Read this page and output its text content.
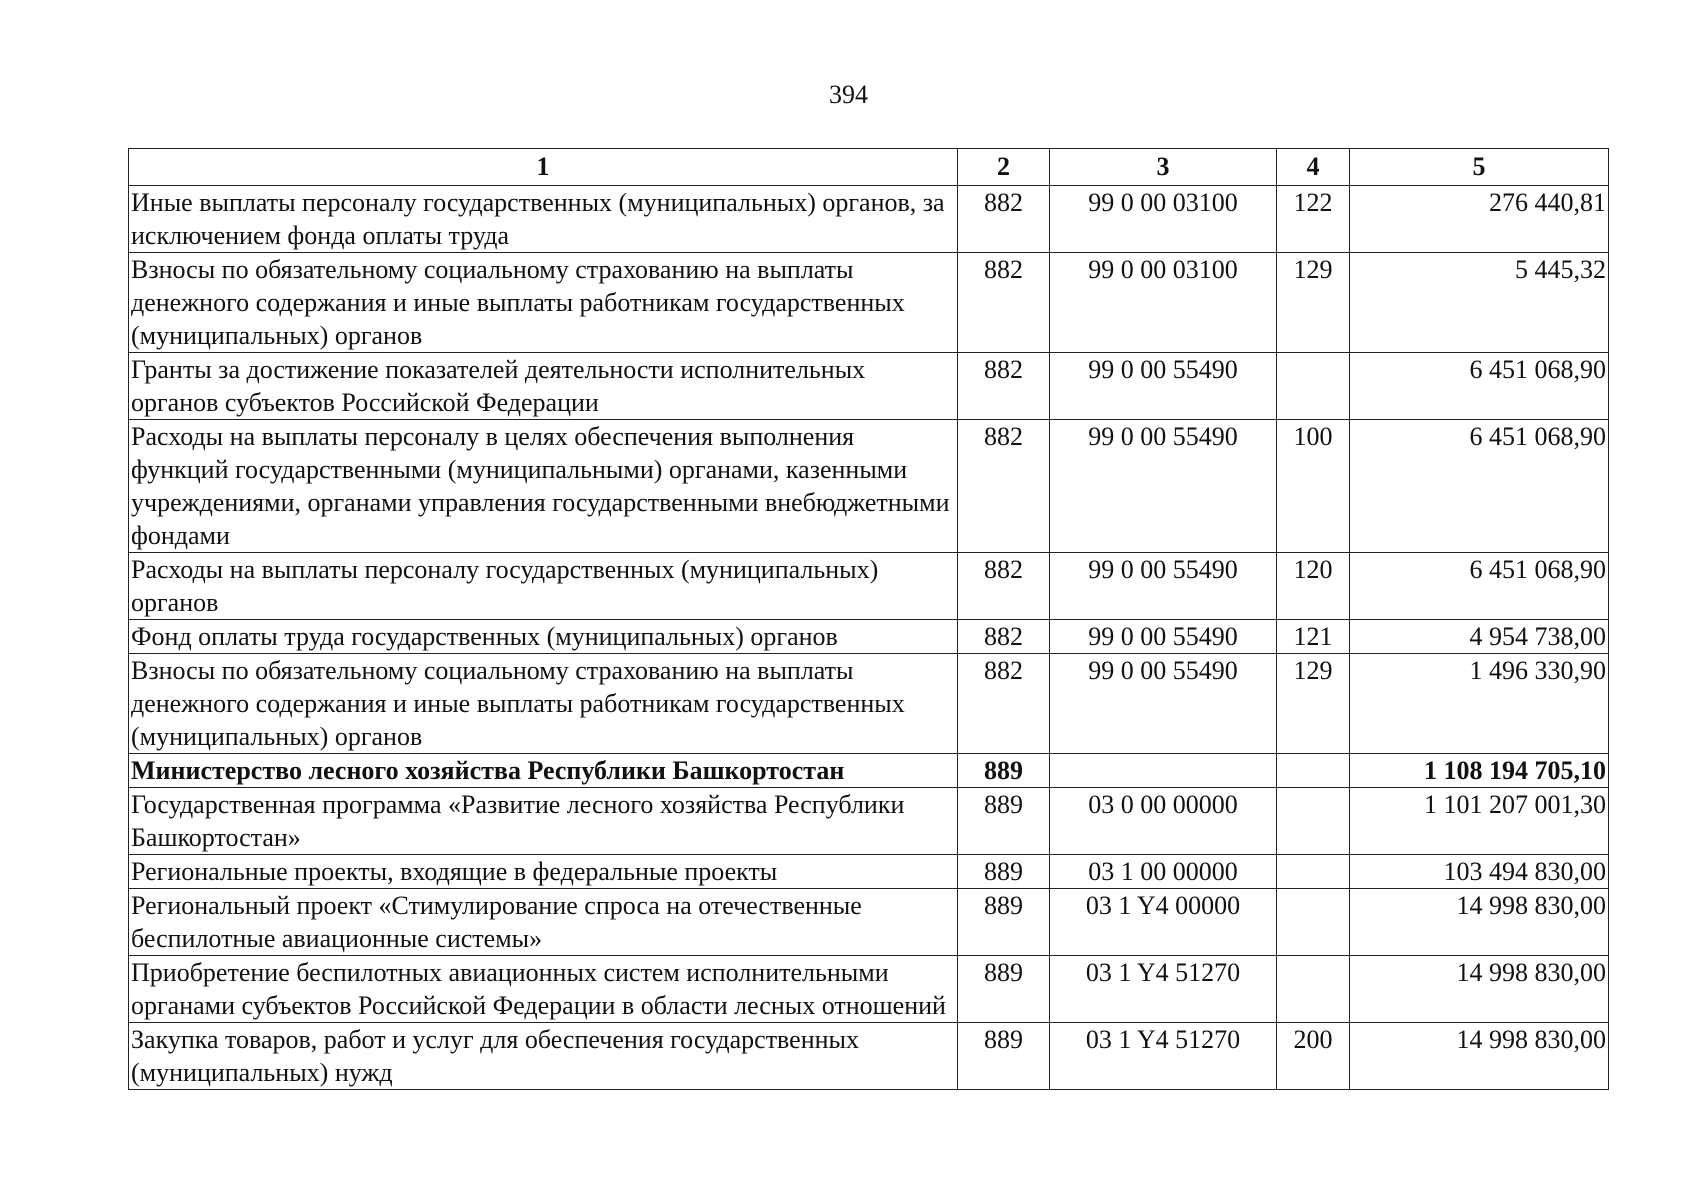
394
1	2	3	4	5
Иные выплаты персоналу государственных (муниципальных) органов, за исключением фонда оплаты труда	882	99 0 00 03100	122	276 440,81
Взносы по обязательному социальному страхованию на выплаты денежного содержания и иные выплаты работникам государственных (муниципальных) органов	882	99 0 00 03100	129	5 445,32
Гранты за достижение показателей деятельности исполнительных органов субъектов Российской Федерации	882	99 0 00 55490		6 451 068,90
Расходы на выплаты персоналу в целях обеспечения выполнения функций государственными (муниципальными) органами, казенными учреждениями, органами управления государственными внебюджетными фондами	882	99 0 00 55490	100	6 451 068,90
Расходы на выплаты персоналу государственных (муниципальных) органов	882	99 0 00 55490	120	6 451 068,90
Фонд оплаты труда государственных (муниципальных) органов	882	99 0 00 55490	121	4 954 738,00
Взносы по обязательному социальному страхованию на выплаты денежного содержания и иные выплаты работникам государственных (муниципальных) органов	882	99 0 00 55490	129	1 496 330,90
Министерство лесного хозяйства Республики Башкортостан	889			1 108 194 705,10
Государственная программа «Развитие лесного хозяйства Республики Башкортостан»	889	03 0 00 00000		1 101 207 001,30
Региональные проекты, входящие в федеральные проекты	889	03 1 00 00000		103 494 830,00
Региональный проект «Стимулирование спроса на отечественные беспилотные авиационные системы»	889	03 1 Y4 00000		14 998 830,00
Приобретение беспилотных авиационных систем исполнительными органами субъектов Российской Федерации в области лесных отношений	889	03 1 Y4 51270		14 998 830,00
Закупка товаров, работ и услуг для обеспечения государственных (муниципальных) нужд	889	03 1 Y4 51270	200	14 998 830,00
